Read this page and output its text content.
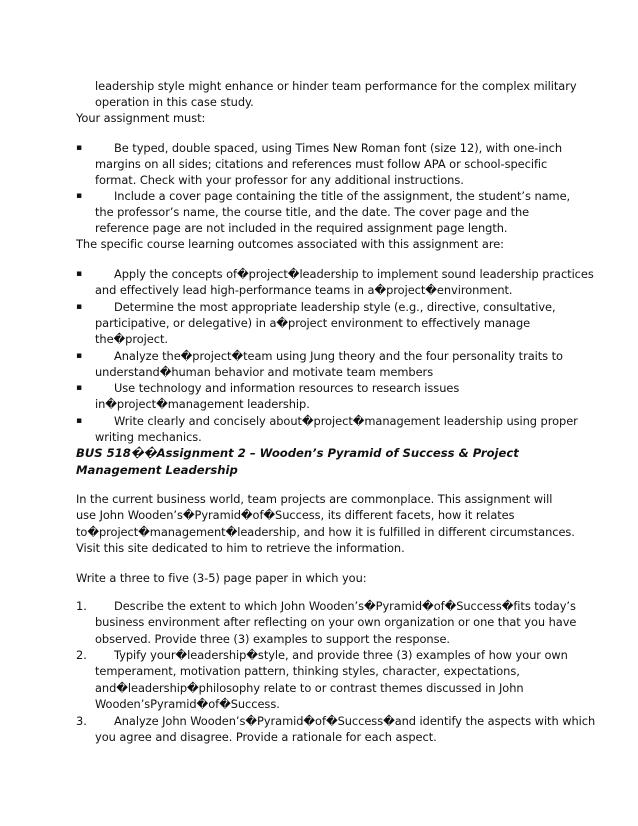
leadership style might enhance or hinder team performance for the complex military
operation in this case study.
Your assignment must:
▪	Be typed, double spaced, using Times New Roman font (size 12), with one-inch
margins on all sides; citations and references must follow APA or school-specific
format. Check with your professor for any additional instructions.
▪	Include a cover page containing the title of the assignment, the student’s name,
the professor’s name, the course title, and the date. The cover page and the
reference page are not included in the required assignment page length.
The specific course learning outcomes associated with this assignment are:
▪	Apply the concepts of�project�leadership to implement sound leadership practices
and effectively lead high-performance teams in a�project�environment.
▪	Determine the most appropriate leadership style (e.g., directive, consultative,
participative, or delegative) in a�project environment to effectively manage
the�project.
▪	Analyze the�project�team using Jung theory and the four personality traits to
understand�human behavior and motivate team members
▪	Use technology and information resources to research issues
in�project�management leadership.
▪	Write clearly and concisely about�project�management leadership using proper
writing mechanics.
BUS 518��Assignment 2 – Wooden’s Pyramid of Success & Project
Management Leadership
In the current business world, team projects are commonplace. This assignment will
use John Wooden’s�Pyramid�of�Success, its different facets, how it relates
to�project�management�leadership, and how it is fulfilled in different circumstances.
Visit this site dedicated to him to retrieve the information.
Write a three to five (3-5) page paper in which you:
1. Describe the extent to which John Wooden’s�Pyramid�of�Success�fits today’s
business environment after reflecting on your own organization or one that you have
observed. Provide three (3) examples to support the response.
2. Typify your�leadership�style, and provide three (3) examples of how your own
temperament, motivation pattern, thinking styles, character, expectations,
and�leadership�philosophy relate to or contrast themes discussed in John
Wooden’sPyramid�of�Success.
3. Analyze John Wooden’s�Pyramid�of�Success�and identify the aspects with which
you agree and disagree. Provide a rationale for each aspect.
